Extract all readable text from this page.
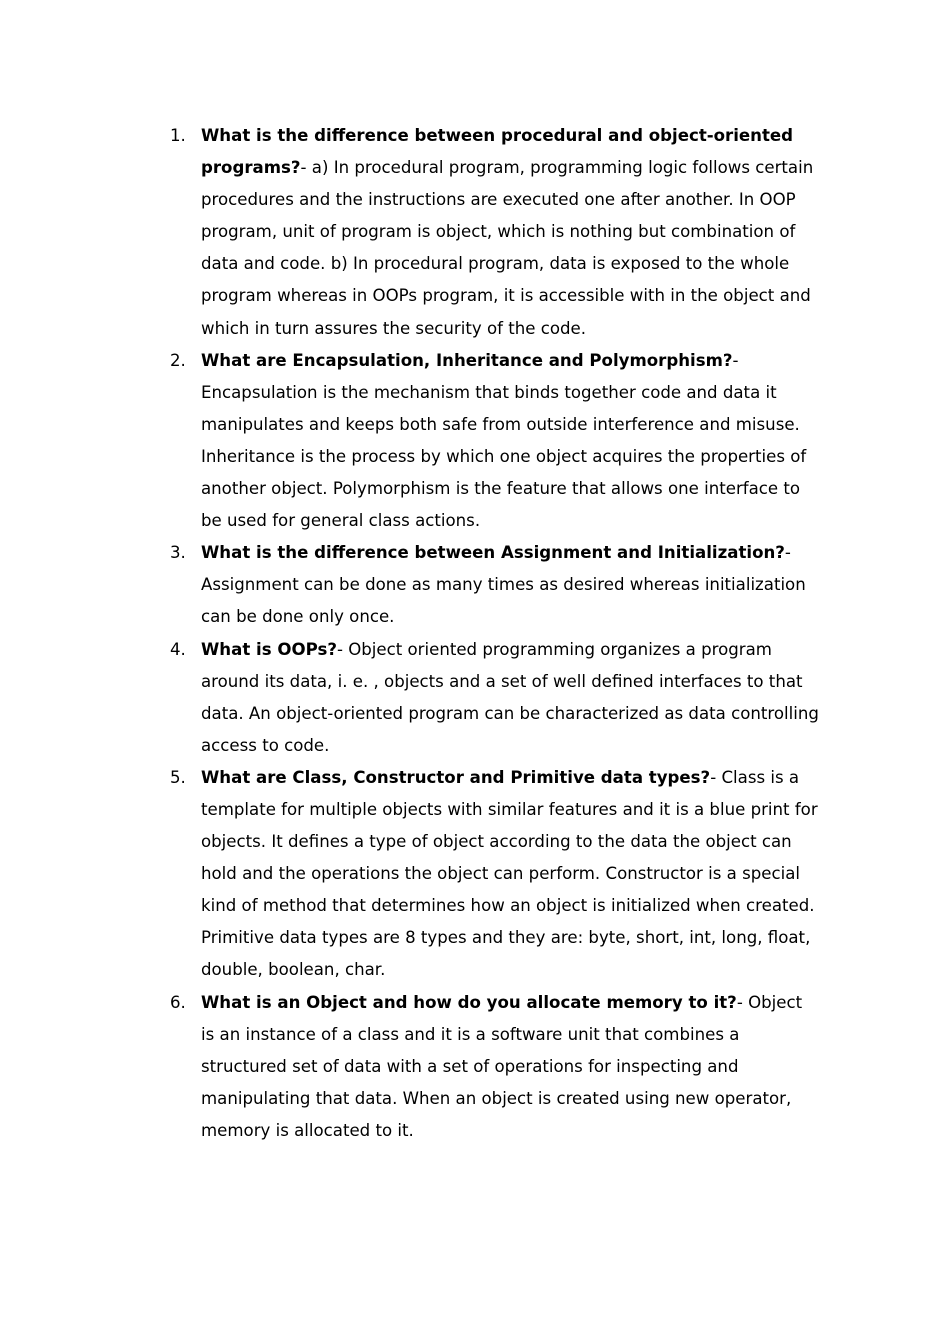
1. What is the difference between procedural and object-oriented programs?- a) In procedural program, programming logic follows certain procedures and the instructions are executed one after another. In OOP program, unit of program is object, which is nothing but combination of data and code. b) In procedural program, data is exposed to the whole program whereas in OOPs program, it is accessible with in the object and which in turn assures the security of the code.
2. What are Encapsulation, Inheritance and Polymorphism?- Encapsulation is the mechanism that binds together code and data it manipulates and keeps both safe from outside interference and misuse. Inheritance is the process by which one object acquires the properties of another object. Polymorphism is the feature that allows one interface to be used for general class actions.
3. What is the difference between Assignment and Initialization?- Assignment can be done as many times as desired whereas initialization can be done only once.
4. What is OOPs?- Object oriented programming organizes a program around its data, i. e. , objects and a set of well defined interfaces to that data. An object-oriented program can be characterized as data controlling access to code.
5. What are Class, Constructor and Primitive data types?- Class is a template for multiple objects with similar features and it is a blue print for objects. It defines a type of object according to the data the object can hold and the operations the object can perform. Constructor is a special kind of method that determines how an object is initialized when created. Primitive data types are 8 types and they are: byte, short, int, long, float, double, boolean, char.
6. What is an Object and how do you allocate memory to it?- Object is an instance of a class and it is a software unit that combines a structured set of data with a set of operations for inspecting and manipulating that data. When an object is created using new operator, memory is allocated to it.
